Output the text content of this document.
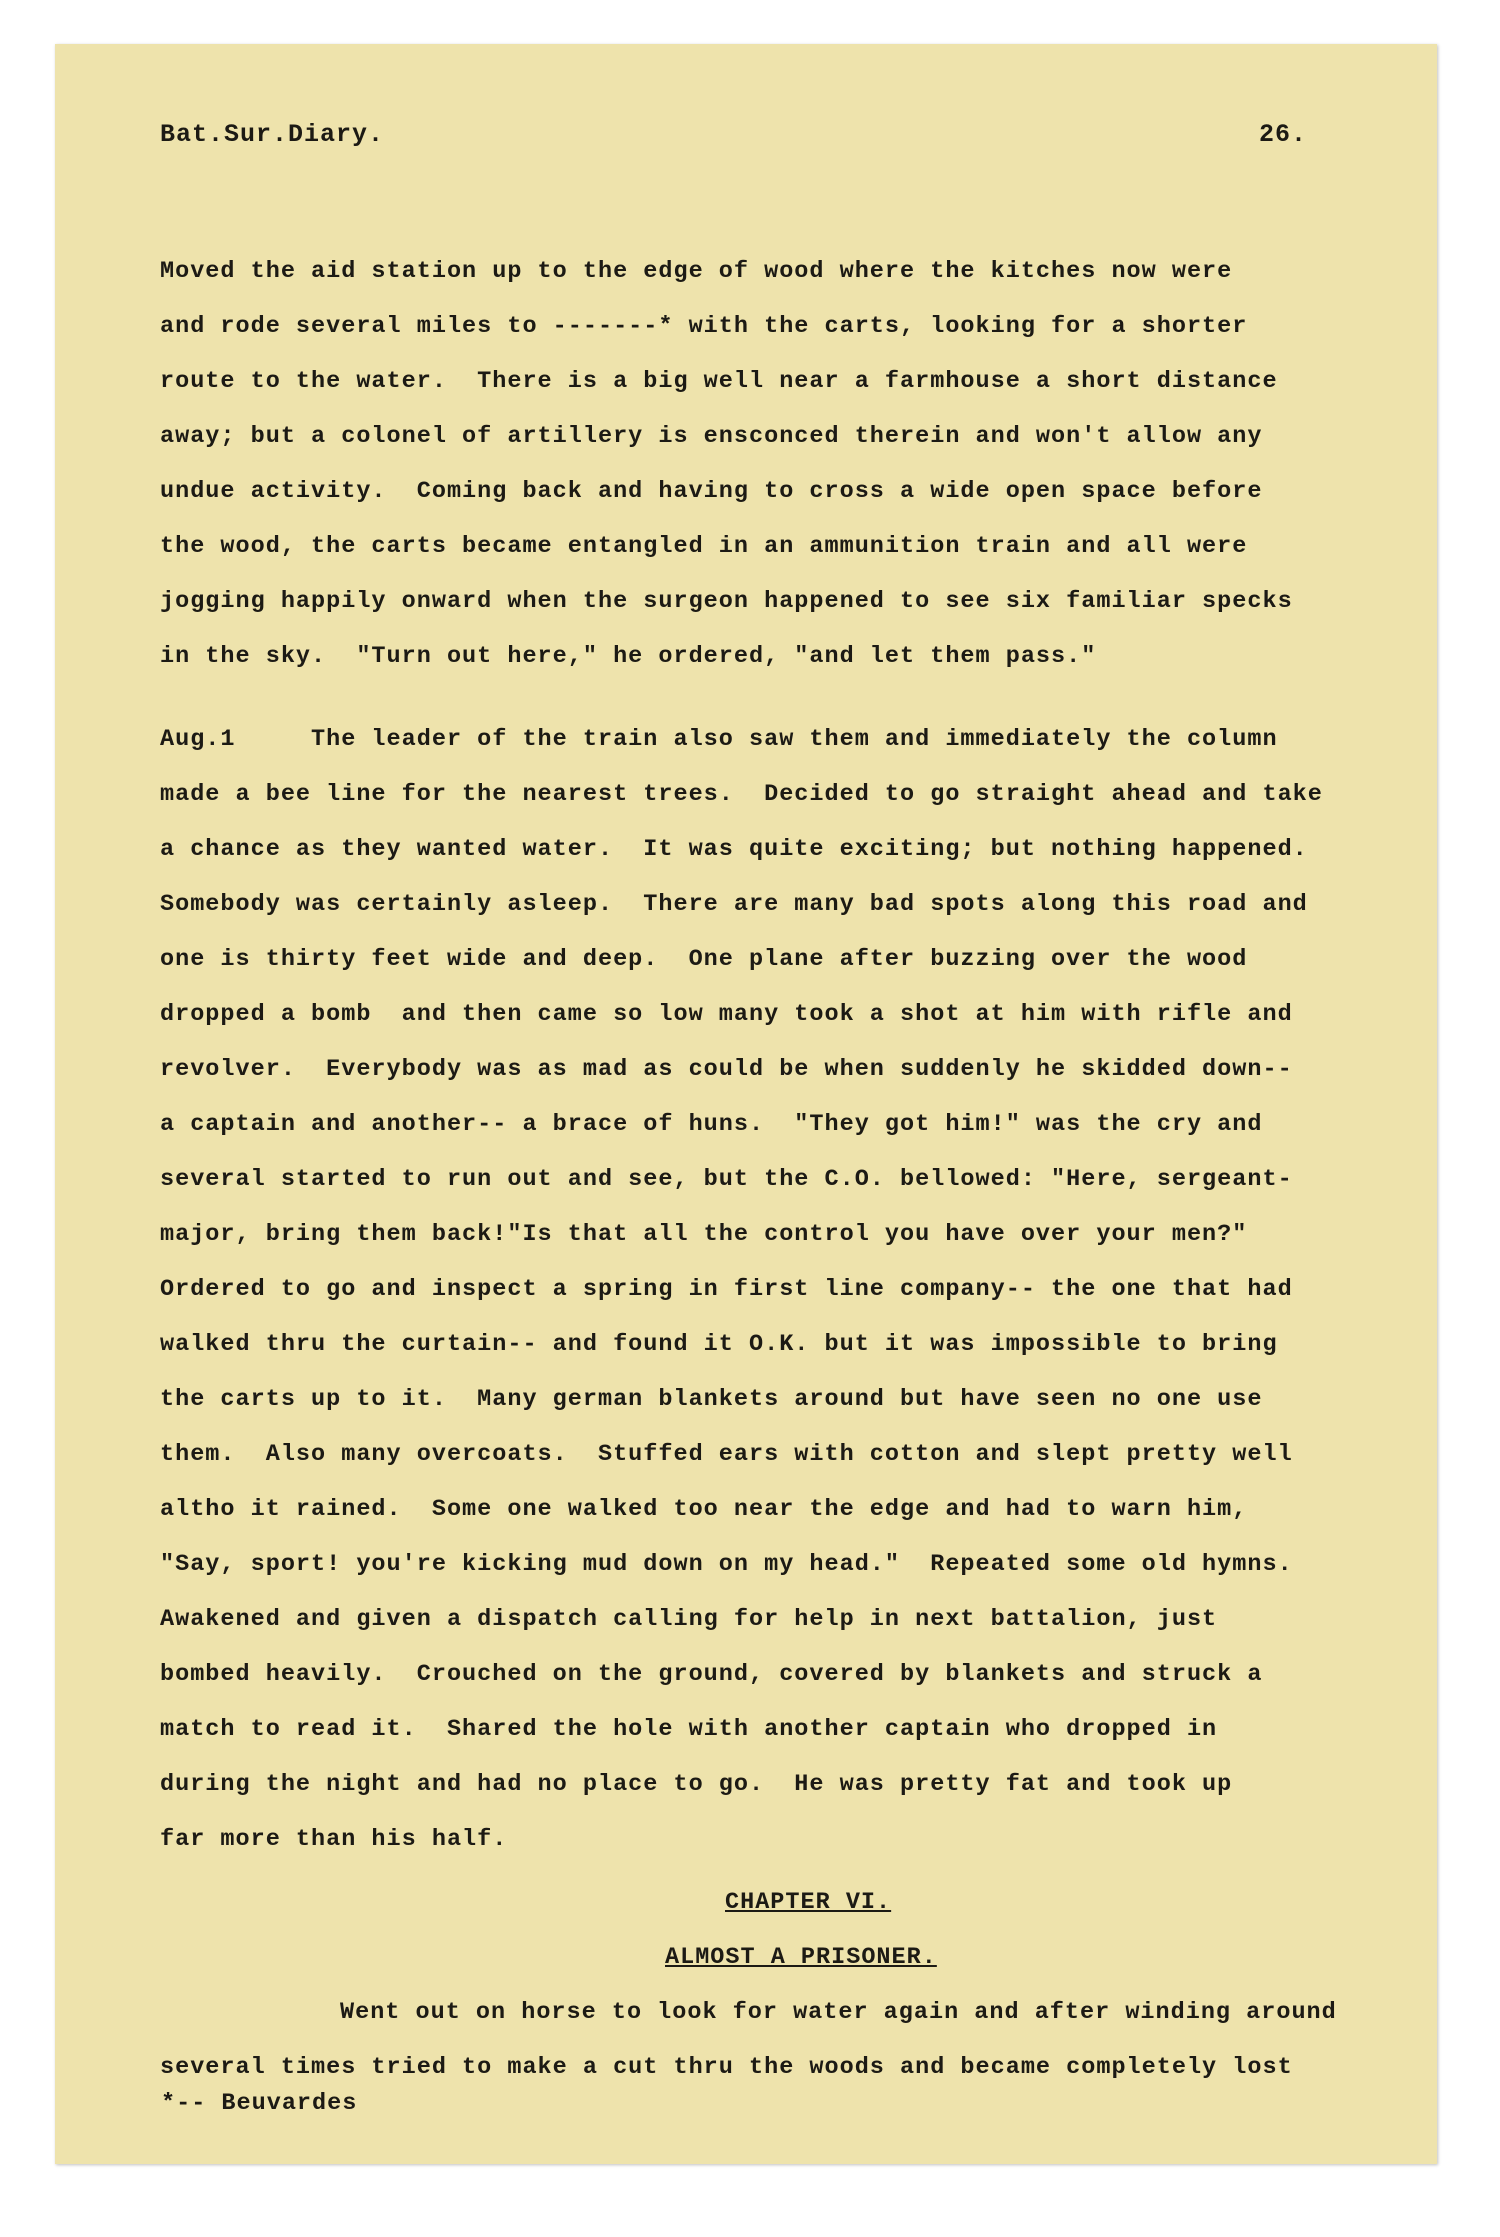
Bat.Sur.Diary.	26.
Moved the aid station up to the edge of wood where the kitches now were
and rode several miles to -------* with the carts, looking for a shorter
route to the water.  There is a big well near a farmhouse a short distance
away; but a colonel of artillery is ensconced therein and won't allow any
undue activity.  Coming back and having to cross a wide open space before
the wood, the carts became entangled in an ammunition train and all were
jogging happily onward when the surgeon happened to see six familiar specks
in the sky.  "Turn out here," he ordered, "and let them pass."
Aug.1     The leader of the train also saw them and immediately the column
made a bee line for the nearest trees.  Decided to go straight ahead and take
a chance as they wanted water.  It was quite exciting; but nothing happened.
Somebody was certainly asleep.  There are many bad spots along this road and
one is thirty feet wide and deep.  One plane after buzzing over the wood
dropped a bomb  and then came so low many took a shot at him with rifle and
revolver.  Everybody was as mad as could be when suddenly he skidded down--
a captain and another-- a brace of huns.  "They got him!" was the cry and
several started to run out and see, but the C.O. bellowed: "Here, sergeant-
major, bring them back!"Is that all the control you have over your men?"
Ordered to go and inspect a spring in first line company-- the one that had
walked thru the curtain-- and found it O.K. but it was impossible to bring
the carts up to it.  Many german blankets around but have seen no one use
them.  Also many overcoats.  Stuffed ears with cotton and slept pretty well
altho it rained.  Some one walked too near the edge and had to warn him,
"Say, sport! you're kicking mud down on my head."  Repeated some old hymns.
Awakened and given a dispatch calling for help in next battalion, just
bombed heavily.  Crouched on the ground, covered by blankets and struck a
match to read it.  Shared the hole with another captain who dropped in
during the night and had no place to go.  He was pretty fat and took up
far more than his half.
CHAPTER VI.
ALMOST A PRISONER.
Went out on horse to look for water again and after winding around
several times tried to make a cut thru the woods and became completely lost
*-- Beuvardes
